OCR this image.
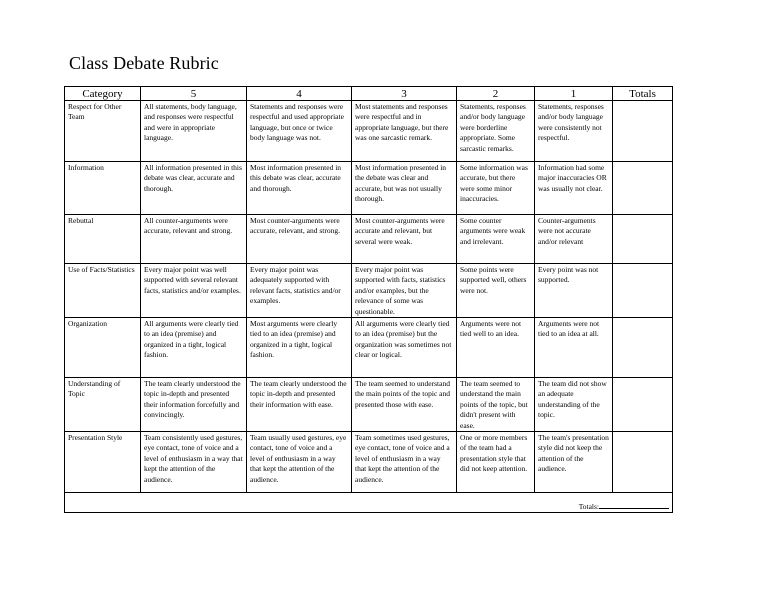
Class Debate Rubric
Category	5	4	3	2	1	Totals
Respect for Other Team	All statements, body language, and responses were respectful and were in appropriate language.	Statements and responses were respectful and used appropriate language, but once or twice body language was not.	Most statements and responses were respectful and in appropriate language, but there was one sarcastic remark.	Statements, responses and/or body language were borderline appropriate. Some sarcastic remarks.	Statements, responses and/or body language were consistently not respectful.	
Information	All information presented in this debate was clear, accurate and thorough.	Most information presented in this debate was clear, accurate and thorough.	Most information presented in the debate was clear and accurate, but was not usually thorough.	Some information was accurate, but there were some minor inaccuracies.	Information had some major inaccuracies OR was usually not clear.	
Rebuttal	All counter-arguments were accurate, relevant and strong.	Most counter-arguments were accurate, relevant, and strong.	Most counter-arguments were accurate and relevant, but several were weak.	Some counter arguments were weak and irrelevant.	Counter-arguments were not accurate and/or relevant	
Use of Facts/Statistics	Every major point was well supported with several relevant facts, statistics and/or examples.	Every major point was adequately supported with relevant facts, statistics and/or examples.	Every major point was supported with facts, statistics and/or examples, but the relevance of some was questionable.	Some points were supported well, others were not.	Every point was not supported.	
Organization	All arguments were clearly tied to an idea (premise) and organized in a tight, logical fashion.	Most arguments were clearly tied to an idea (premise) and organized in a tight, logical fashion.	All arguments were clearly tied to an idea (premise) but the organization was sometimes not clear or logical.	Arguments were not tied well to an idea.	Arguments were not tied to an idea at all.	
Understanding of Topic	The team clearly understood the topic in-depth and presented their information forcefully and convincingly.	The team clearly understood the topic in-depth and presented their information with ease.	The team seemed to understand the main points of the topic and presented those with ease.	The team seemed to understand the main points of the topic, but didn't present with ease.	The team did not show an adequate understanding of the topic.	
Presentation Style	Team consistently used gestures, eye contact, tone of voice and a level of enthusiasm in a way that kept the attention of the audience.	Team usually used gestures, eye contact, tone of voice and a level of enthusiasm in a way that kept the attention of the audience.	Team sometimes used gestures, eye contact, tone of voice and a level of enthusiasm in a way that kept the attention of the audience.	One or more members of the team had a presentation style that did not keep attention.	The team's presentation style did not keep the attention of the audience.	
Totals:						
